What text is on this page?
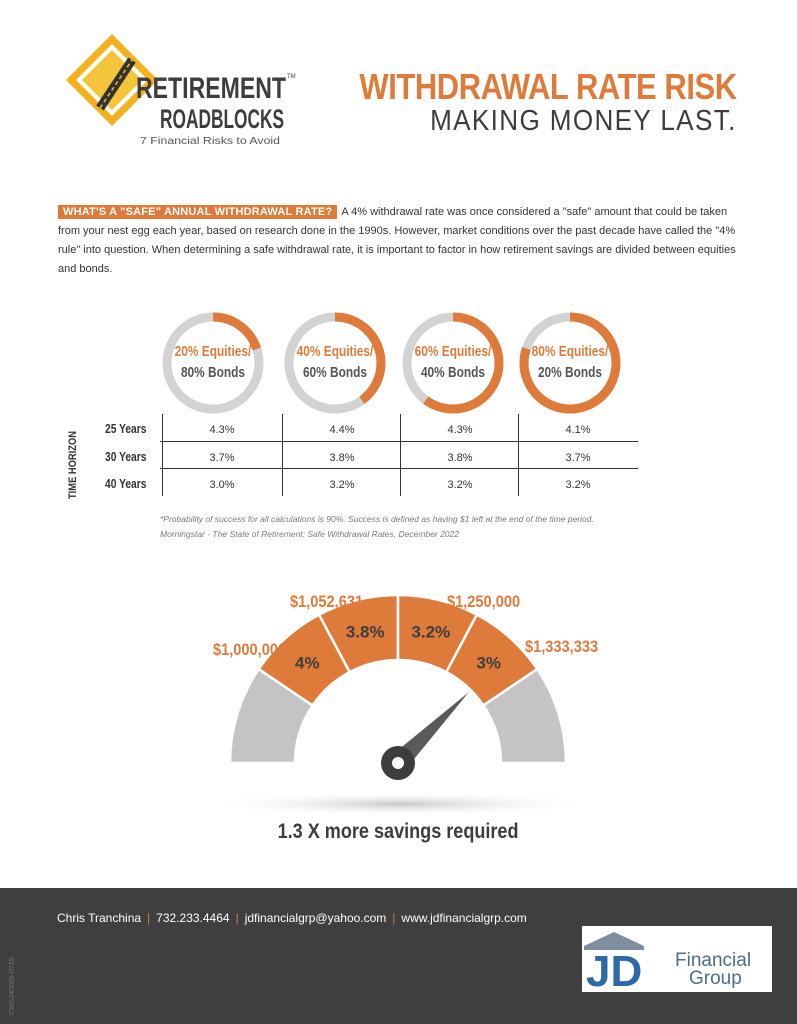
RETIREMENT TM
ROADBLOCKS
7 Financial Risks to Avoid
WITHDRAWAL RATE RISK
MAKING MONEY LAST.
WHAT'S A "SAFE" ANNUAL WITHDRAWAL RATE? A 4% withdrawal rate was once considered a "safe" amount that could be taken from your nest egg each year, based on research done in the 1990s. However, market conditions over the past decade have called the "4% rule" into question. When determining a safe withdrawal rate, it is important to factor in how retirement savings are divided between equities and bonds.
20% Equities/
80% Bonds
40% Equities/
60% Bonds
60% Equities/
40% Bonds
80% Equities/
20% Bonds
TIME HORIZON
25 Years
30 Years
40 Years
4.3%	4.4%	4.3%	4.1%
3.7%	3.8%	3.8%	3.7%
3.0%	3.2%	3.2%	3.2%
*Probability of success for all calculations is 90%. Success is defined as having $1 left at the end of the time period.
Morningstar - The State of Retirement: Safe Withdrawal Rates, December 2022
4%
3.8% 3.2%
3%
$1,000,000
$1,052,631	$1,250,000
$1,333,333
1.3 X more savings required
Chris Tranchina | 732.233.4464 | jdfinancialgrp@yahoo.com | www.jdfinancialgrp.com
CWS240005-0725	JD Financial
Group
